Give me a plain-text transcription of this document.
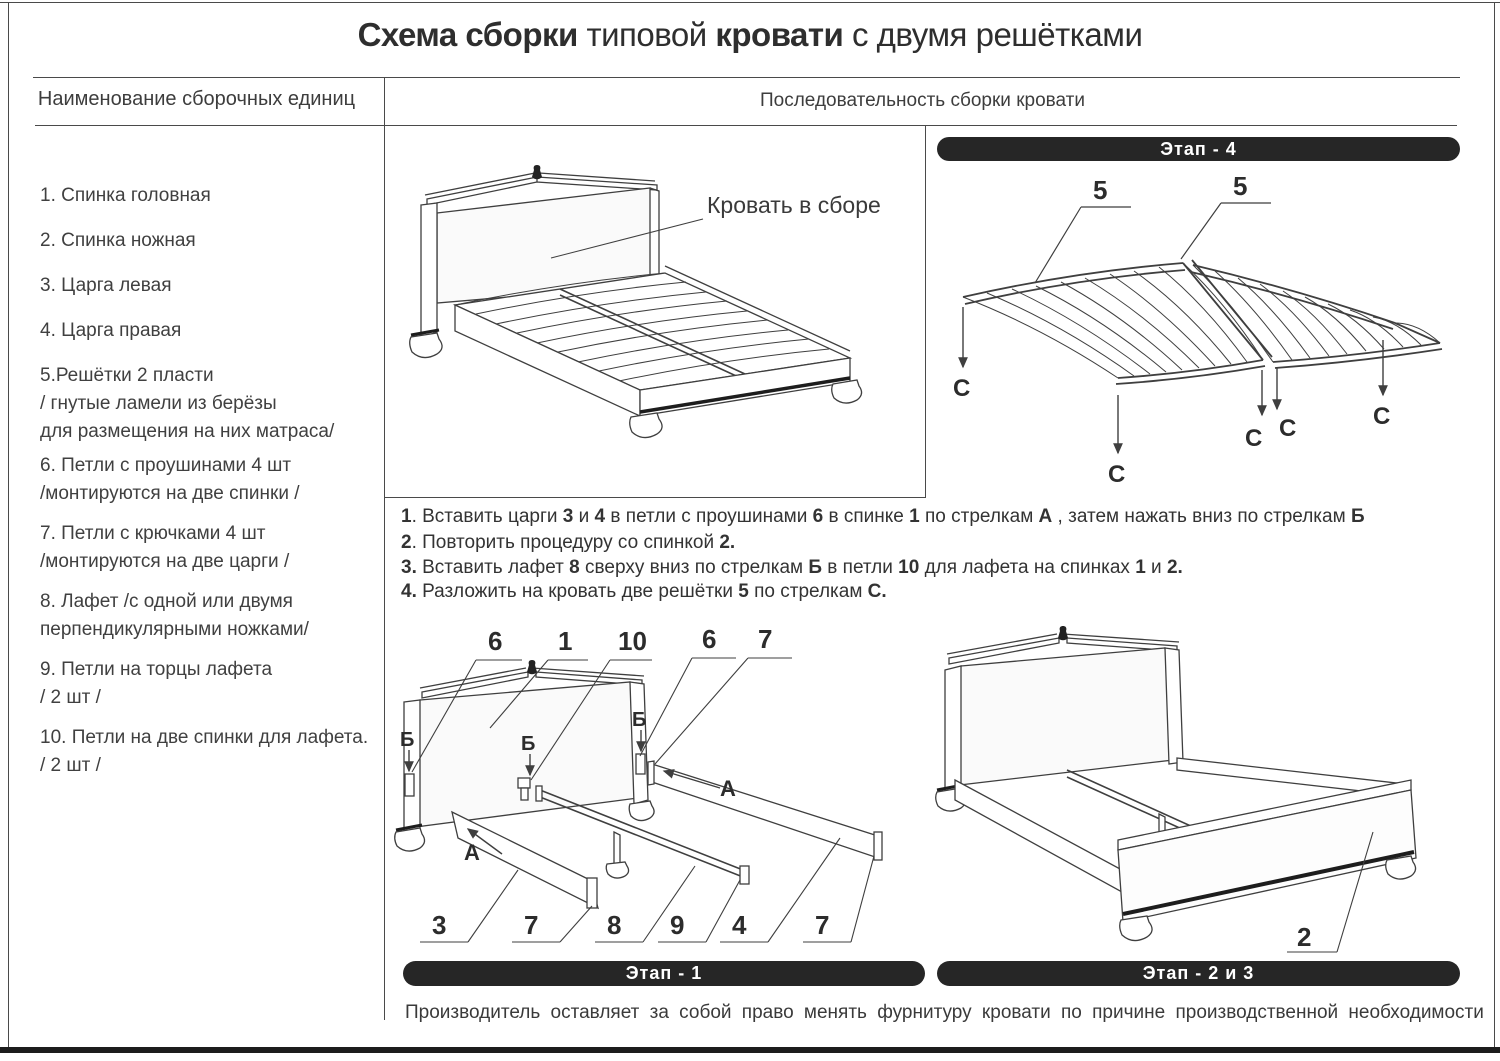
Схема сборки типовой кровати с двумя решётками
Наименование сборочных единиц	Последовательность сборки кровати
1. Спинка головная
2. Спинка ножная
3. Царга левая
4. Царга правая
5.Решётки 2 пласти
/ гнутые ламели из берёзы
для размещения на них матраса/
6. Петли с проушинами 4 шт
/монтируются на две спинки /
7. Петли с крючками 4 шт
/монтируются на две царги /
8. Лафет /с одной или двумя
перпендикулярными ножками/
9. Петли на торцы лафета
/ 2 шт /
10. Петли на две спинки для лафета.
/ 2 шт /
Кровать в сборе
Этап - 4
5	5
С
С
С С	С
1. Вставить царги 3 и 4 в петли с проушинами 6 в спинке 1 по стрелкам А , затем нажать вниз по стрелкам Б
2. Повторить процедуру со спинкой 2.
3. Вставить лафет 8 сверху вниз по стрелкам Б в петли 10 для лафета на спинках 1 и 2.
4. Разложить на кровать две решётки 5 по стрелкам С.
6 1 10 6 7
3	7	8 9 4	7
Б	Б
Б
А
А
Этап - 1
2
Этап - 2 и 3
Производитель оставляет за собой право менять фурнитуру кровати по причине производственной необходимости
